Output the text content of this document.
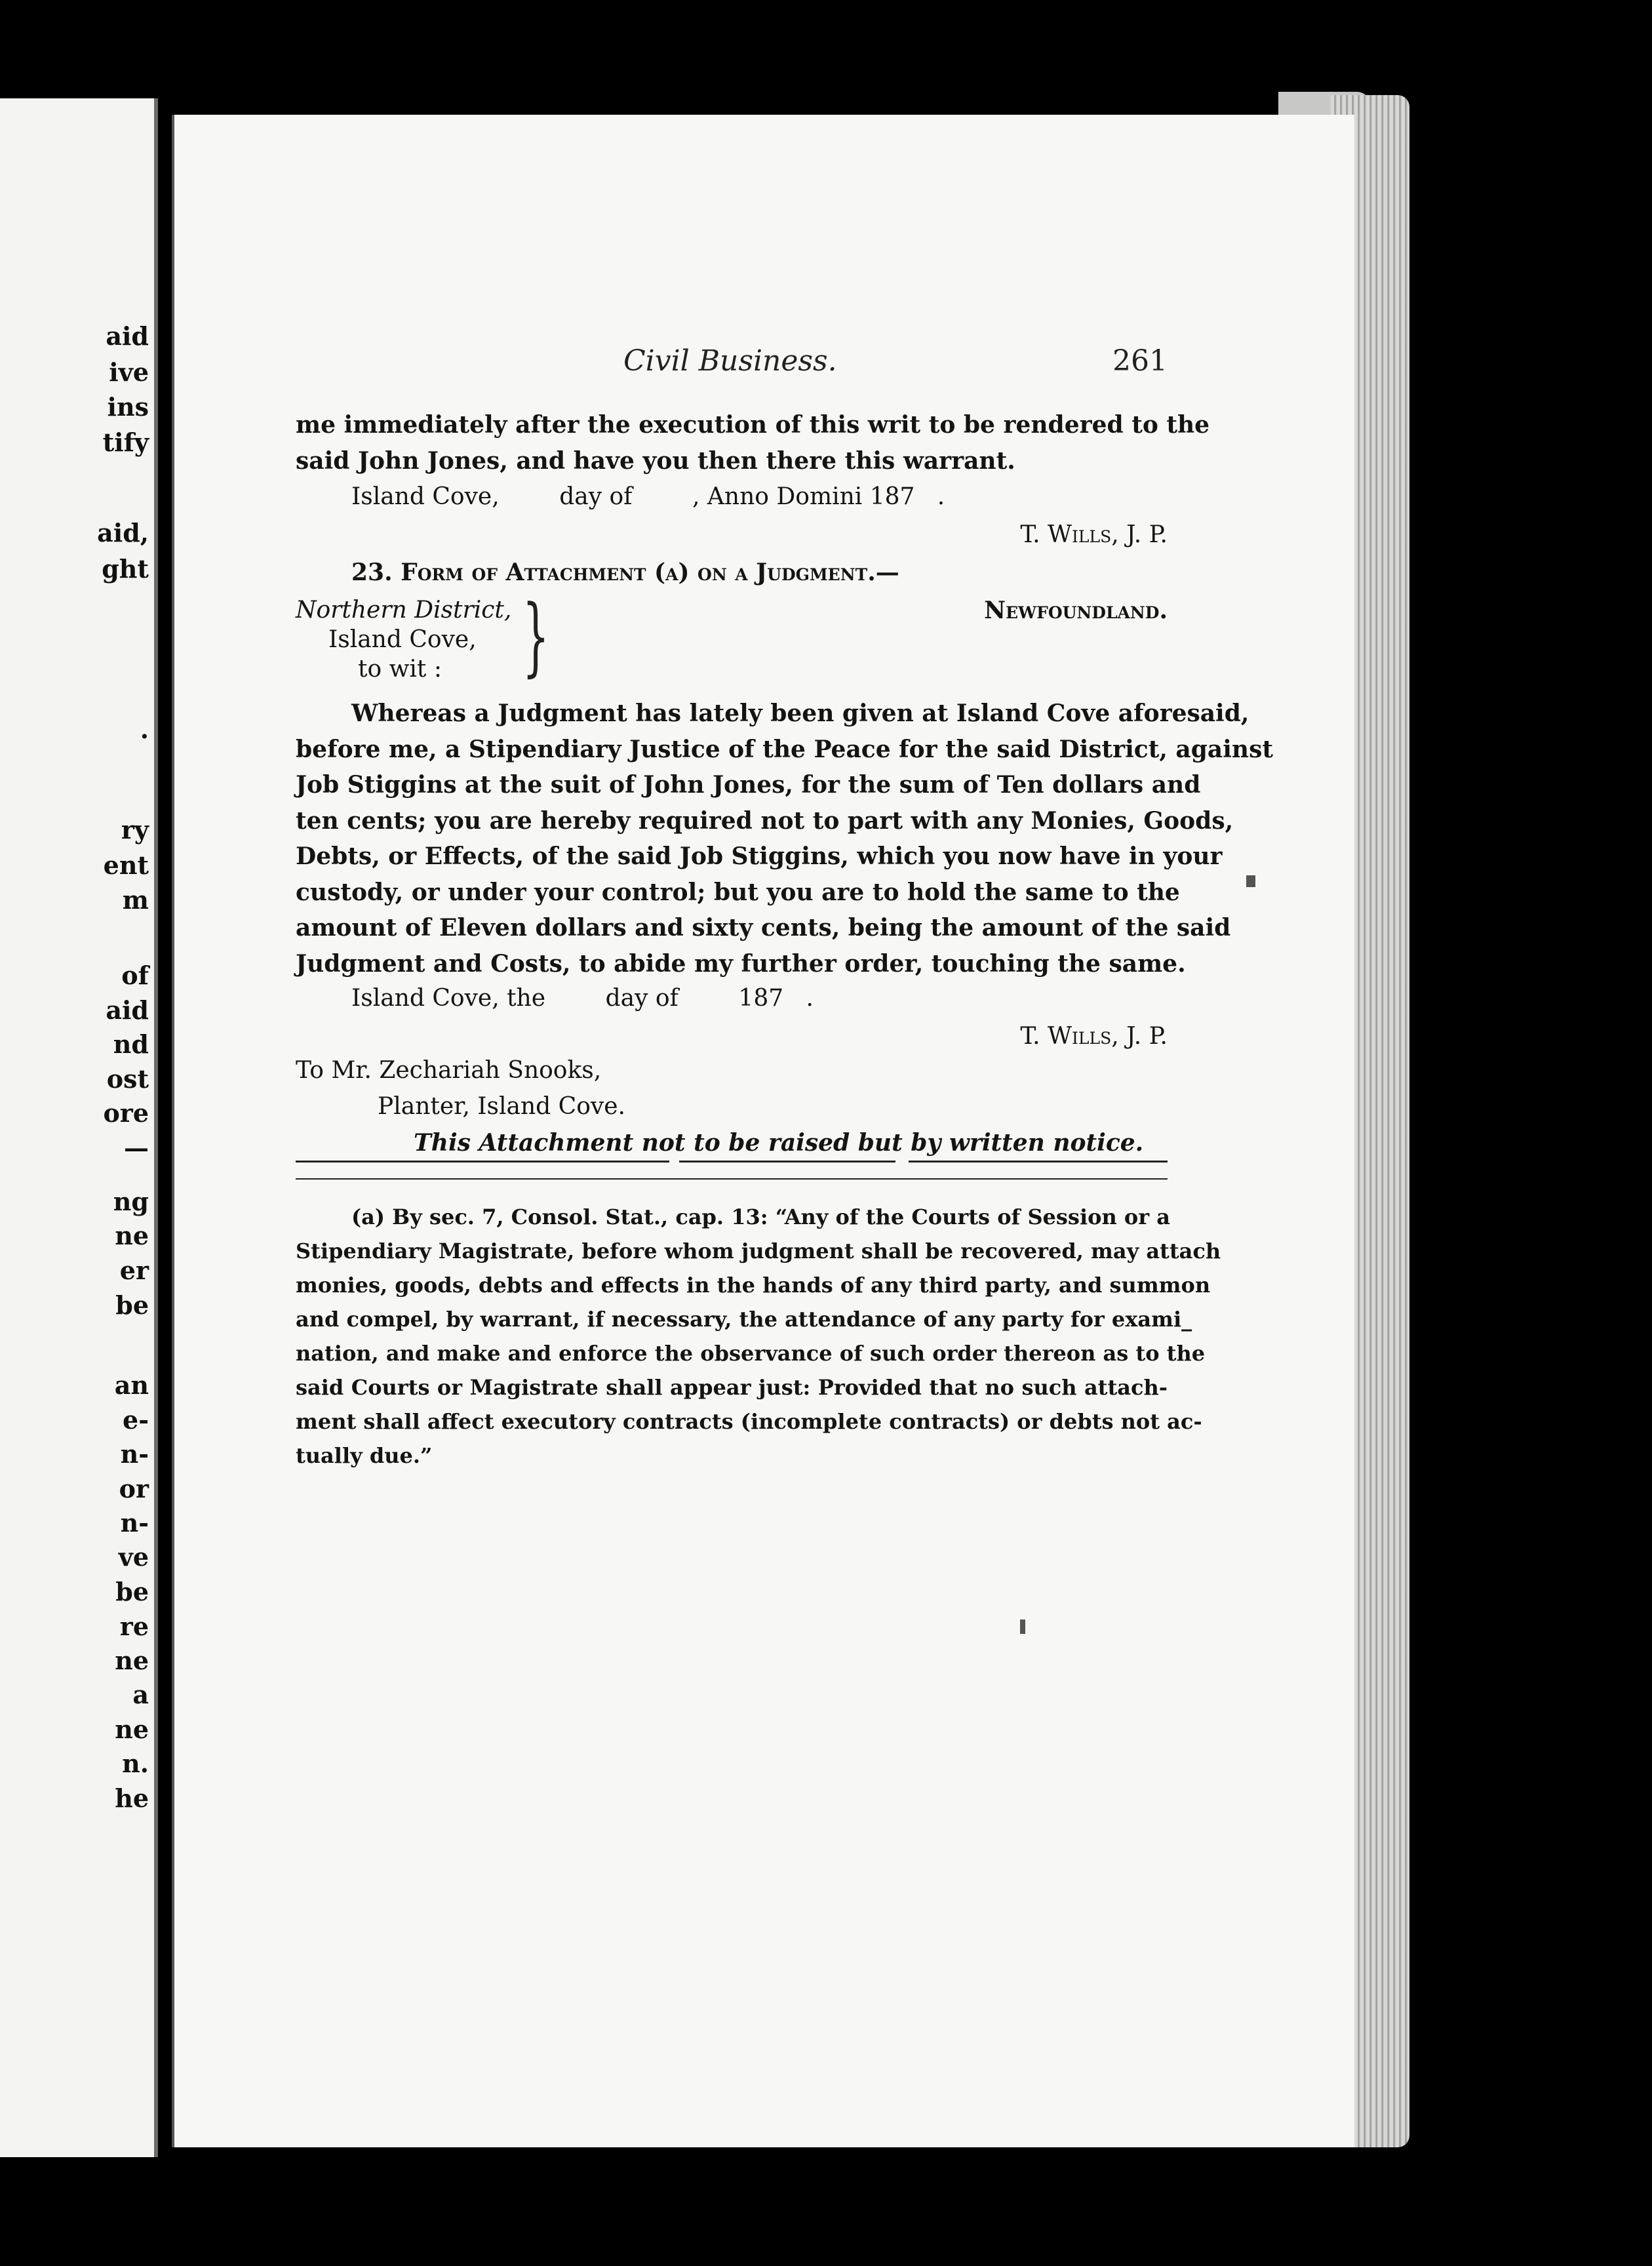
aid
ive
ins
tify
aid,
ght
.
ry
ent
m
of
aid
nd
ost
ore
—
ng
ne
er
be
an
e-
n-
or
n-
ve
be
re
ne
a
ne
n.
he
Civil Business.	261
me immediately after the execution of this writ to be rendered to the
said John Jones, and have you then there this warrant.
Island Cove,        day of        , Anno Domini 187   .
T. Wills, J. P.
23. Form of Attachment (a) on a Judgment.—
Northern District,
Island Cove,
to wit : }	Newfoundland.
Whereas a Judgment has lately been given at Island Cove aforesaid,
before me, a Stipendiary Justice of the Peace for the said District, against
Job Stiggins at the suit of John Jones, for the sum of Ten dollars and
ten cents; you are hereby required not to part with any Monies, Goods,
Debts, or Effects, of the said Job Stiggins, which you now have in your
custody, or under your control; but you are to hold the same to the
amount of Eleven dollars and sixty cents, being the amount of the said
Judgment and Costs, to abide my further order, touching the same.
Island Cove, the        day of        187   .
T. Wills, J. P.
To Mr. Zechariah Snooks,
Planter, Island Cove.
This Attachment not to be raised but by written notice.
(a) By sec. 7, Consol. Stat., cap. 13: “Any of the Courts of Session or a
Stipendiary Magistrate, before whom judgment shall be recovered, may attach
monies, goods, debts and effects in the hands of any third party, and summon
and compel, by warrant, if necessary, the attendance of any party for exami_
nation, and make and enforce the observance of such order thereon as to the
said Courts or Magistrate shall appear just: Provided that no such attach-
ment shall affect executory contracts (incomplete contracts) or debts not ac-
tually due.”
